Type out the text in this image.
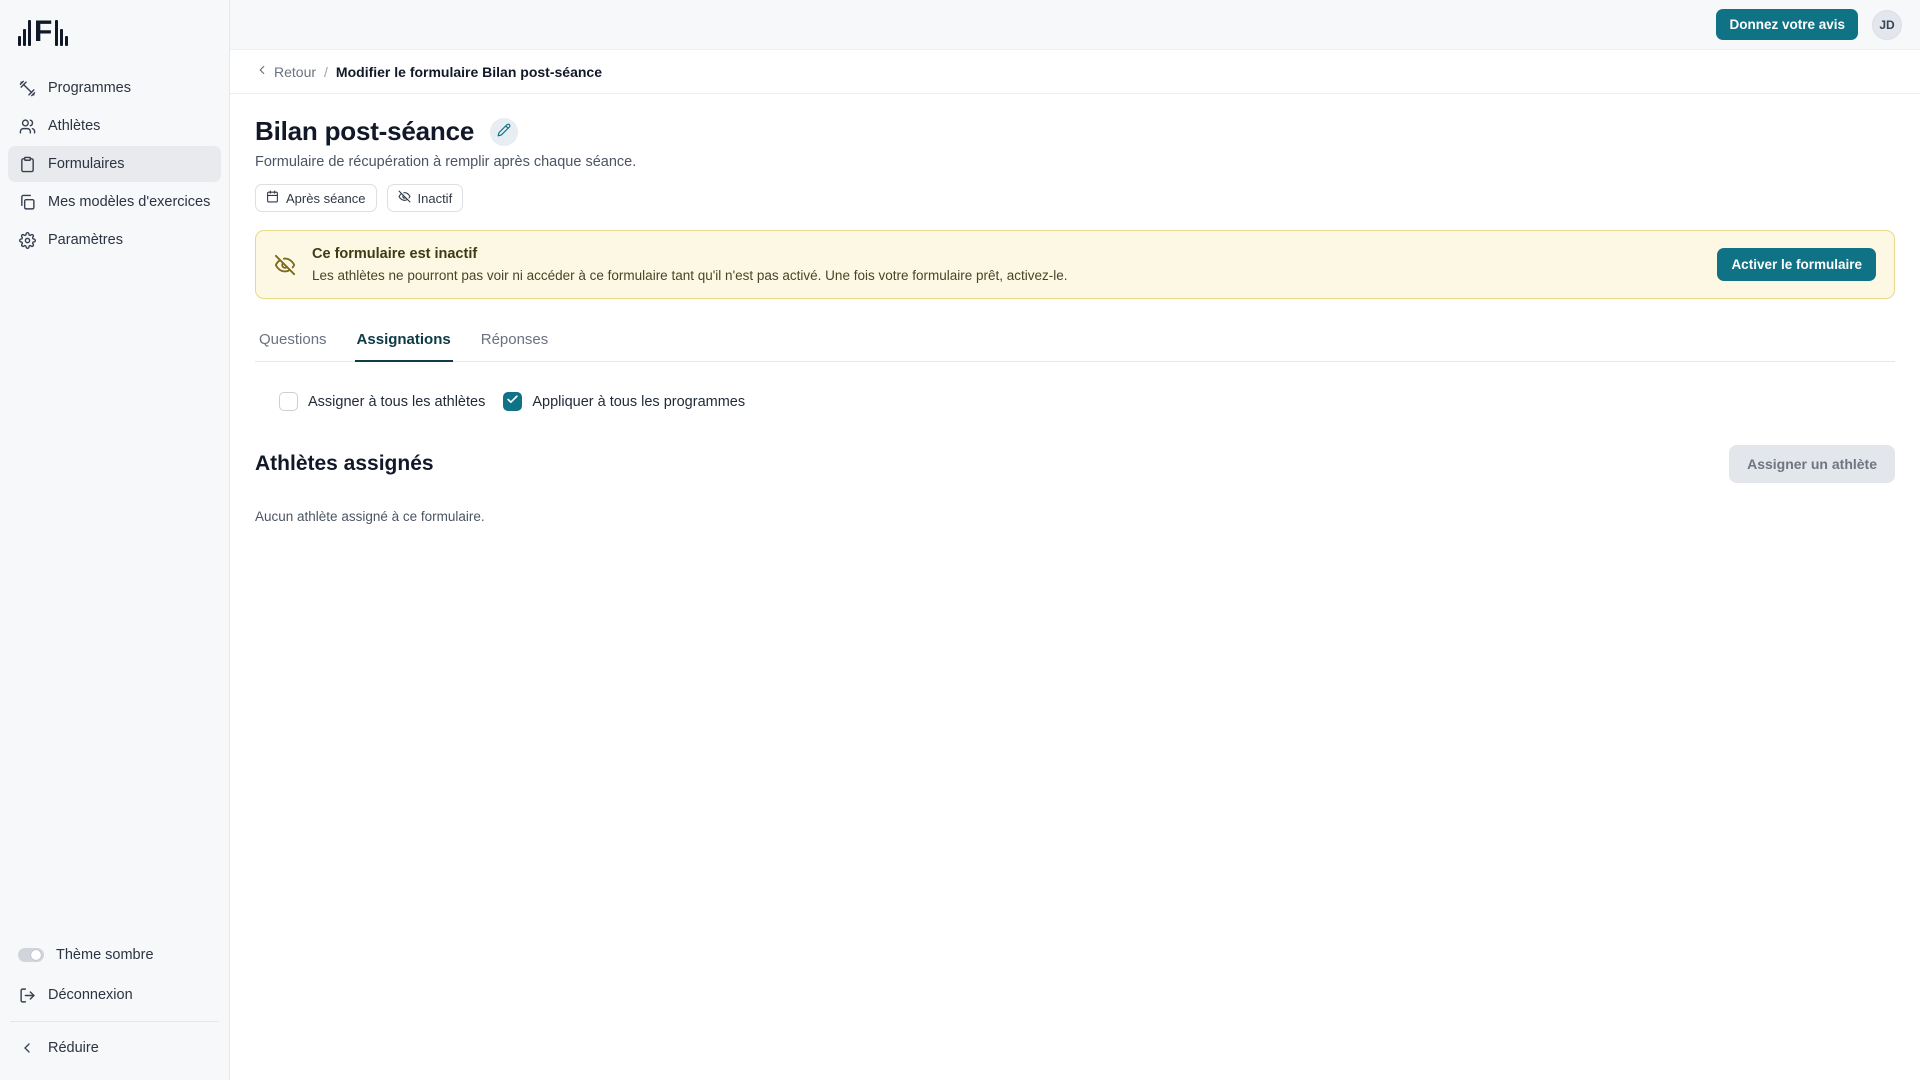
F
Programmes
Athlètes
Formulaires
Mes modèles d'exercices
Paramètres
Thème sombre
Déconnexion
Réduire
Donnez votre avis	JD
Retour / Modifier le formulaire Bilan post-séance
Bilan post-séance
Formulaire de récupération à remplir après chaque séance.
Après séance	Inactif
Ce formulaire est inactif
Les athlètes ne pourront pas voir ni accéder à ce formulaire tant qu'il n'est pas activé. Une fois votre formulaire prêt, activez-le.
Activer le formulaire
Questions Assignations Réponses
Assigner à tous les athlètes	Appliquer à tous les programmes
Athlètes assignés	Assigner un athlète
Aucun athlète assigné à ce formulaire.
